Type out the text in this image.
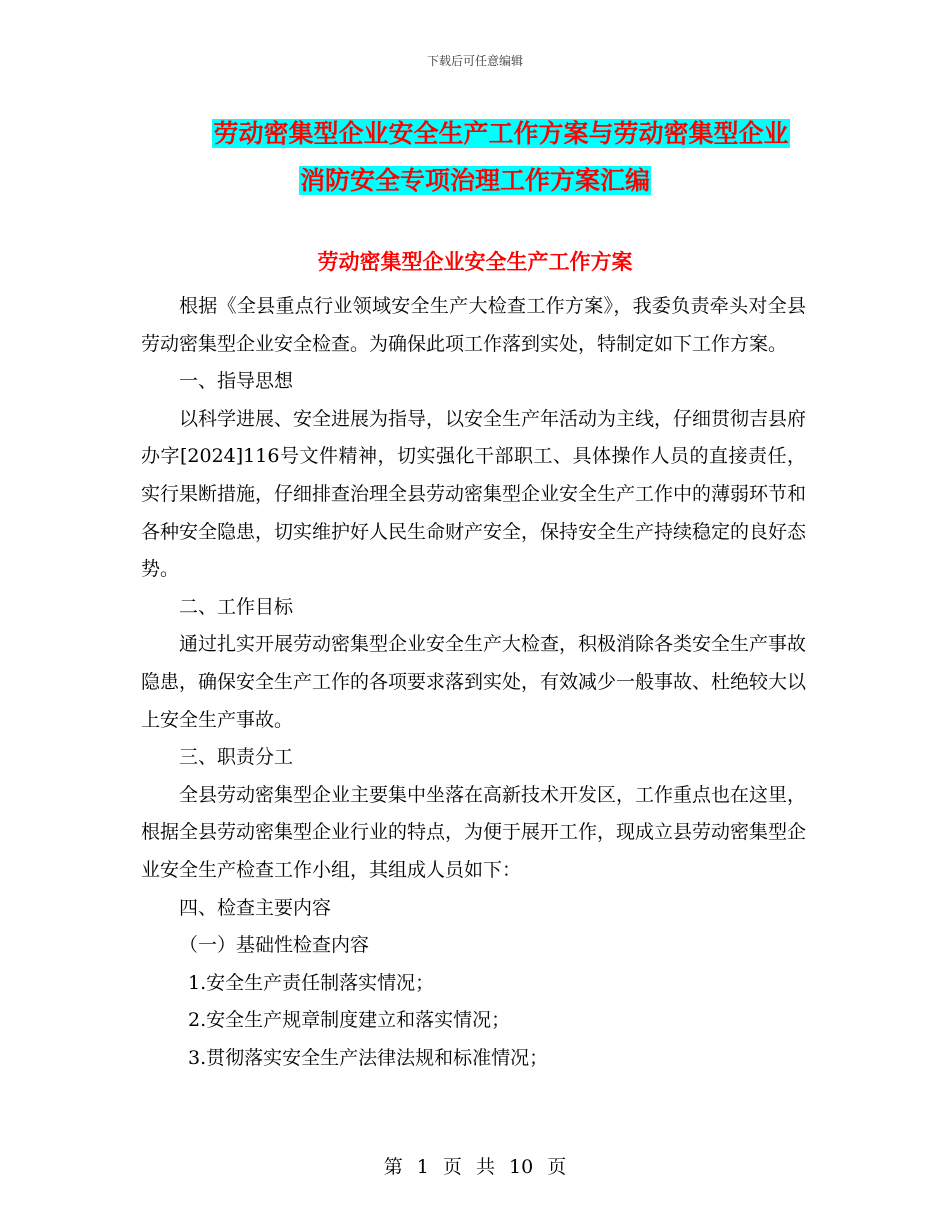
下载后可任意编辑
劳动密集型企业安全生产工作方案与劳动密集型企业
消防安全专项治理工作方案汇编
劳动密集型企业安全生产工作方案

根据《全县重点行业领域安全生产大检查工作方案》，我委负责牵头对全县劳动密集型企业安全检查。为确保此项工作落到实处，特制定如下工作方案。

一、指导思想

以科学进展、安全进展为指导，以安全生产年活动为主线，仔细贯彻吉县府办字[2024]116号文件精神，切实强化干部职工、具体操作人员的直接责任，实行果断措施，仔细排查治理全县劳动密集型企业安全生产工作中的薄弱环节和各种安全隐患，切实维护好人民生命财产安全，保持安全生产持续稳定的良好态势。

二、工作目标

通过扎实开展劳动密集型企业安全生产大检查，积极消除各类安全生产事故隐患，确保安全生产工作的各项要求落到实处，有效减少一般事故、杜绝较大以上安全生产事故。

三、职责分工

全县劳动密集型企业主要集中坐落在高新技术开发区，工作重点也在这里，根据全县劳动密集型企业行业的特点，为便于展开工作，现成立县劳动密集型企业安全生产检查工作小组，其组成人员如下：

四、检查主要内容

（一）基础性检查内容

1.安全生产责任制落实情况；

2.安全生产规章制度建立和落实情况；

3.贯彻落实安全生产法律法规和标准情况；

第 1 页 共 10 页
